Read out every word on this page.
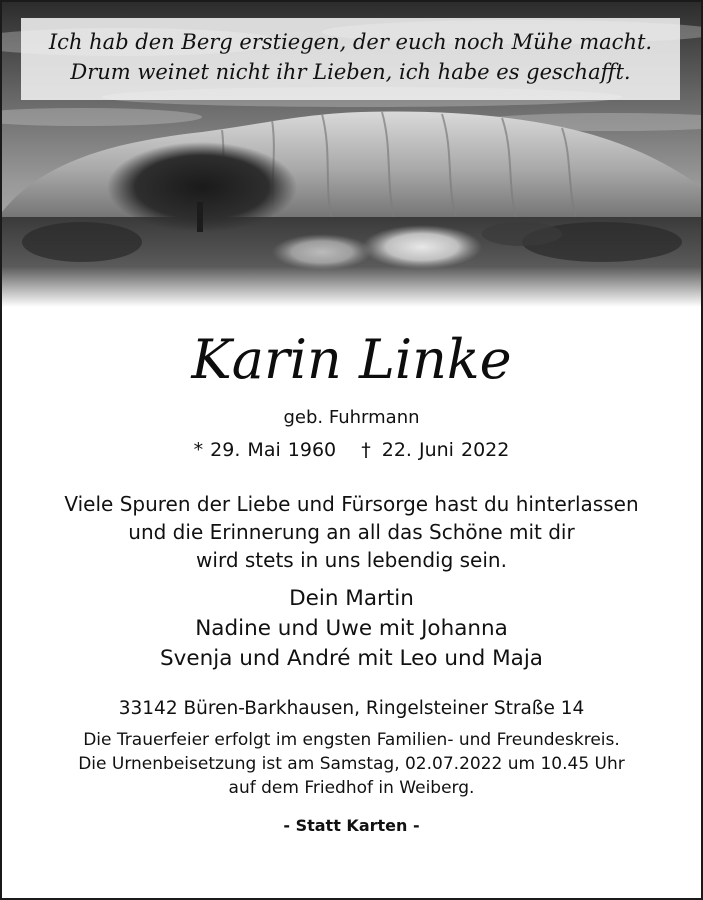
Ich hab den Berg erstiegen, der euch noch Mühe macht.
Drum weinet nicht ihr Lieben, ich habe es geschafft.
Karin Linke
geb. Fuhrmann
* 29. Mai 1960 † 22. Juni 2022
Viele Spuren der Liebe und Fürsorge hast du hinterlassen
und die Erinnerung an all das Schöne mit dir
wird stets in uns lebendig sein.
Dein Martin
Nadine und Uwe mit Johanna
Svenja und André mit Leo und Maja
33142 Büren-Barkhausen, Ringelsteiner Straße 14
Die Trauerfeier erfolgt im engsten Familien- und Freundeskreis.
Die Urnenbeisetzung ist am Samstag, 02.07.2022 um 10.45 Uhr
auf dem Friedhof in Weiberg.
- Statt Karten -
